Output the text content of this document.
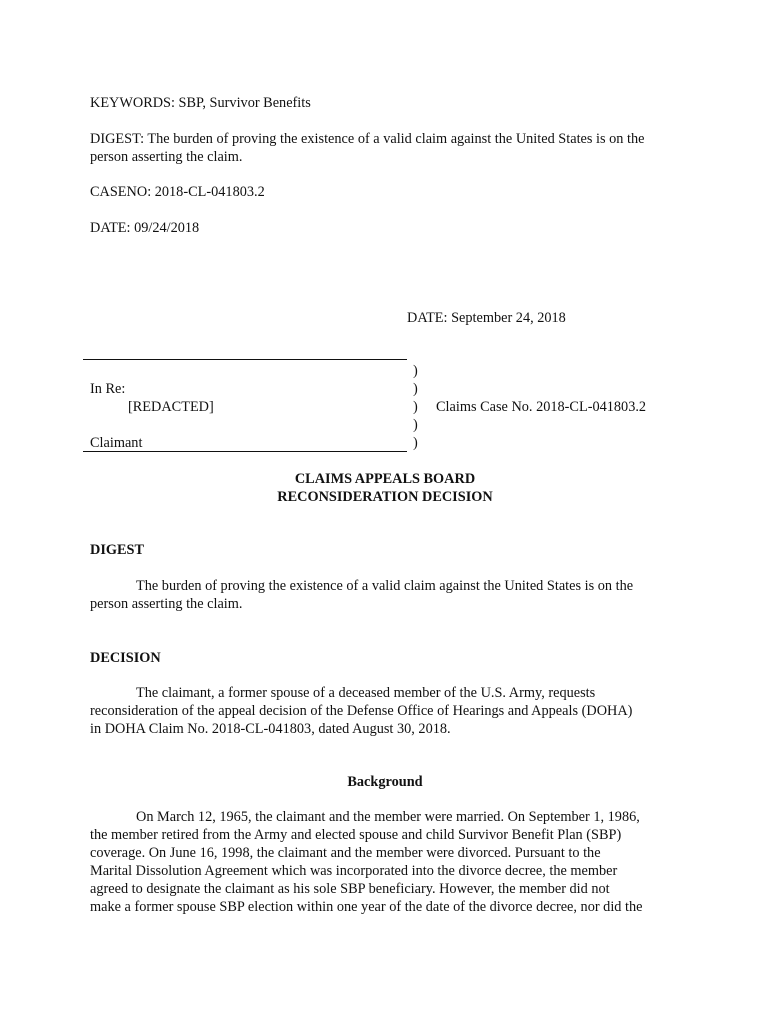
KEYWORDS: SBP, Survivor Benefits
DIGEST: The burden of proving the existence of a valid claim against the United States is on the
person asserting the claim.
CASENO: 2018-CL-041803.2
DATE: 09/24/2018
DATE: September 24, 2018
)
)
)
)
)
In Re:
[REDACTED]	Claims Case No. 2018-CL-041803.2
Claimant
CLAIMS APPEALS BOARD
RECONSIDERATION DECISION
DIGEST
The burden of proving the existence of a valid claim against the United States is on the
person asserting the claim.
DECISION
The claimant, a former spouse of a deceased member of the U.S. Army, requests
reconsideration of the appeal decision of the Defense Office of Hearings and Appeals (DOHA)
in DOHA Claim No. 2018-CL-041803, dated August 30, 2018.
Background
On March 12, 1965, the claimant and the member were married. On September 1, 1986,
the member retired from the Army and elected spouse and child Survivor Benefit Plan (SBP)
coverage. On June 16, 1998, the claimant and the member were divorced. Pursuant to the
Marital Dissolution Agreement which was incorporated into the divorce decree, the member
agreed to designate the claimant as his sole SBP beneficiary. However, the member did not
make a former spouse SBP election within one year of the date of the divorce decree, nor did the
